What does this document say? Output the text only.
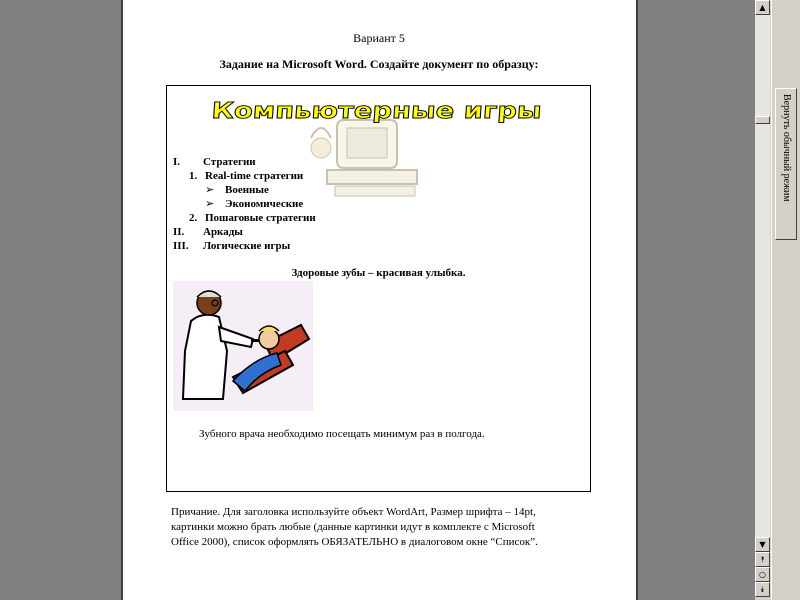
Вариант 5
Задание на Microsoft Word. Создайте документ по образцу:
Компьютерные игры
I. Стратегии
1. Real-time стратегии
➢ Военные
➢ Экономические
2. Пошаговые стратегии
II. Аркады
III. Логические игры
Здоровые зубы – красивая улыбка.
Зубного врача необходимо посещать минимум раз в полгода.
Причание. Для заголовка используйте объект WordArt, Размер шрифта – 14pt,
картинки можно брать любые (данные картинки идут в комплекте с Microsoft
Office 2000), список оформлять ОБЯЗАТЕЛЬНО в диалоговом окне “Список”.
▲
▼
⯭
○
⯯
Вернуть обычный режим
